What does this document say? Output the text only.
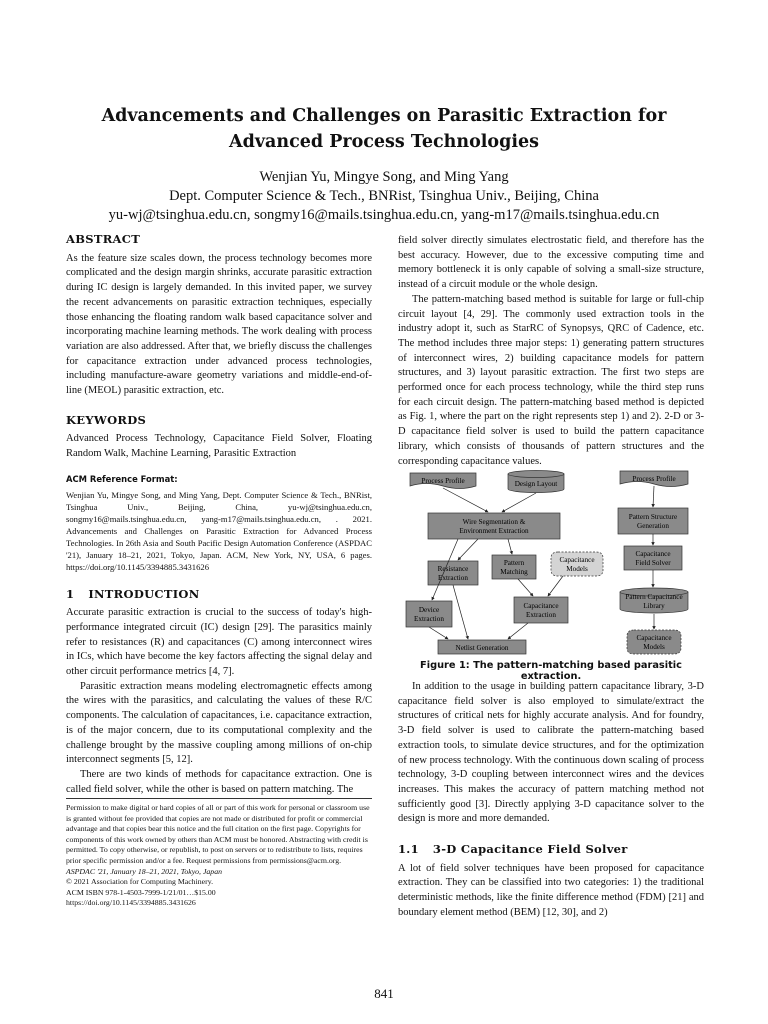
Advancements and Challenges on Parasitic Extraction for
Advanced Process Technologies
Wenjian Yu, Mingye Song, and Ming Yang
Dept. Computer Science & Tech., BNRist, Tsinghua Univ., Beijing, China
yu-wj@tsinghua.edu.cn, songmy16@mails.tsinghua.edu.cn, yang-m17@mails.tsinghua.edu.cn
ABSTRACT

As the feature size scales down, the process technology becomes more complicated and the design margin shrinks, accurate parasitic extraction during IC design is largely demanded. In this invited paper, we survey the recent advancements on parasitic extraction techniques, especially those enhancing the floating random walk based capacitance solver and incorporating machine learning methods. The work dealing with process variation are also addressed. After that, we briefly discuss the challenges for capacitance extraction under advanced process technologies, including manufacture-aware geometry variations and middle-end-of-line (MEOL) parasitic extraction, etc.

KEYWORDS

Advanced Process Technology, Capacitance Field Solver, Floating Random Walk, Machine Learning, Parasitic Extraction

ACM Reference Format:
Wenjian Yu, Mingye Song, and Ming Yang, Dept. Computer Science & Tech., BNRist, Tsinghua Univ., Beijing, China, yu-wj@tsinghua.edu.cn, songmy16@mails.tsinghua.edu.cn, yang-m17@mails.tsinghua.edu.cn, . 2021. Advancements and Challenges on Parasitic Extraction for Advanced Process Technologies. In 26th Asia and South Pacific Design Automation Conference (ASPDAC '21), January 18–21, 2021, Tokyo, Japan. ACM, New York, NY, USA, 6 pages. https://doi.org/10.1145/3394885.3431626
1 INTRODUCTION

Accurate parasitic extraction is crucial to the success of today's high-performance integrated circuit (IC) design [29]. The parasitics mainly refer to resistances (R) and capacitances (C) among interconnect wires in ICs, which have become the key factors affecting the signal delay and other circuit performance metrics [4, 7].

Parasitic extraction means modeling electromagnetic effects among the wires with the parasitics, and calculating the values of these R/C components. The calculation of capacitances, i.e. capacitance extraction, is of the major concern, due to its computational complexity and the challenge brought by the massive coupling among millions of on-chip interconnect segments [5, 12].

There are two kinds of methods for capacitance extraction. One is called field solver, while the other is based on pattern matching. The

Permission to make digital or hard copies of all or part of this work for personal or classroom use is granted without fee provided that copies are not made or distributed for profit or commercial advantage and that copies bear this notice and the full citation on the first page. Copyrights for components of this work owned by others than ACM must be honored. Abstracting with credit is permitted. To copy otherwise, or republish, to post on servers or to redistribute to lists, requires prior specific permission and/or a fee. Request permissions from permissions@acm.org.
ASPDAC '21, January 18–21, 2021, Tokyo, Japan
© 2021 Association for Computing Machinery.
ACM ISBN 978-1-4503-7999-1/21/01…$15.00
https://doi.org/10.1145/3394885.3431626

field solver directly simulates electrostatic field, and therefore has the best accuracy. However, due to the excessive computing time and memory bottleneck it is only capable of solving a small-size structure, instead of a circuit module or the whole design.

The pattern-matching based method is suitable for large or full-chip circuit layout [4, 29]. The commonly used extraction tools in the industry adopt it, such as StarRC of Synopsys, QRC of Cadence, etc. The method includes three major steps: 1) generating pattern structures of interconnect wires, 2) building capacitance models for pattern structures, and 3) layout parasitic extraction. The first two steps are performed once for each process technology, while the third step runs for each circuit design. The pattern-matching based method is depicted as Fig. 1, where the part on the right represents step 1) and 2). 2-D or 3-D capacitance field solver is used to build the pattern capacitance library, which consists of thousands of pattern structures and the corresponding capacitance values.

Process Profile	Design Layout
Wire Segmentation &
Environment Extraction
Resistance
Extraction
Pattern
Matching
Capacitance
Models
Device
Extraction
Capacitance
Extraction
Netlist Generation
Process Profile
Pattern Structure
Generation
Capacitance
Field Solver
Pattern Capacitance
Library
Capacitance
Models
Figure 1: The pattern-matching based parasitic extraction.

In addition to the usage in building pattern capacitance library, 3-D capacitance field solver is also employed to simulate/extract the structures of critical nets for highly accurate analysis. And for foundry, 3-D field solver is used to calibrate the pattern-matching based extraction tools, to simulate device structures, and for the optimization of new process technology. With the continuous down scaling of process technology, 3-D coupling between interconnect wires and the devices increases. This makes the accuracy of pattern matching method not sufficiently good [3]. Directly applying 3-D capacitance solver to the design is more and more demanded.

1.1 3-D Capacitance Field Solver

A lot of field solver techniques have been proposed for capacitance extraction. They can be classified into two categories: 1) the traditional deterministic methods, like the finite difference method (FDM) [21] and boundary element method (BEM) [12, 30], and 2)

841
